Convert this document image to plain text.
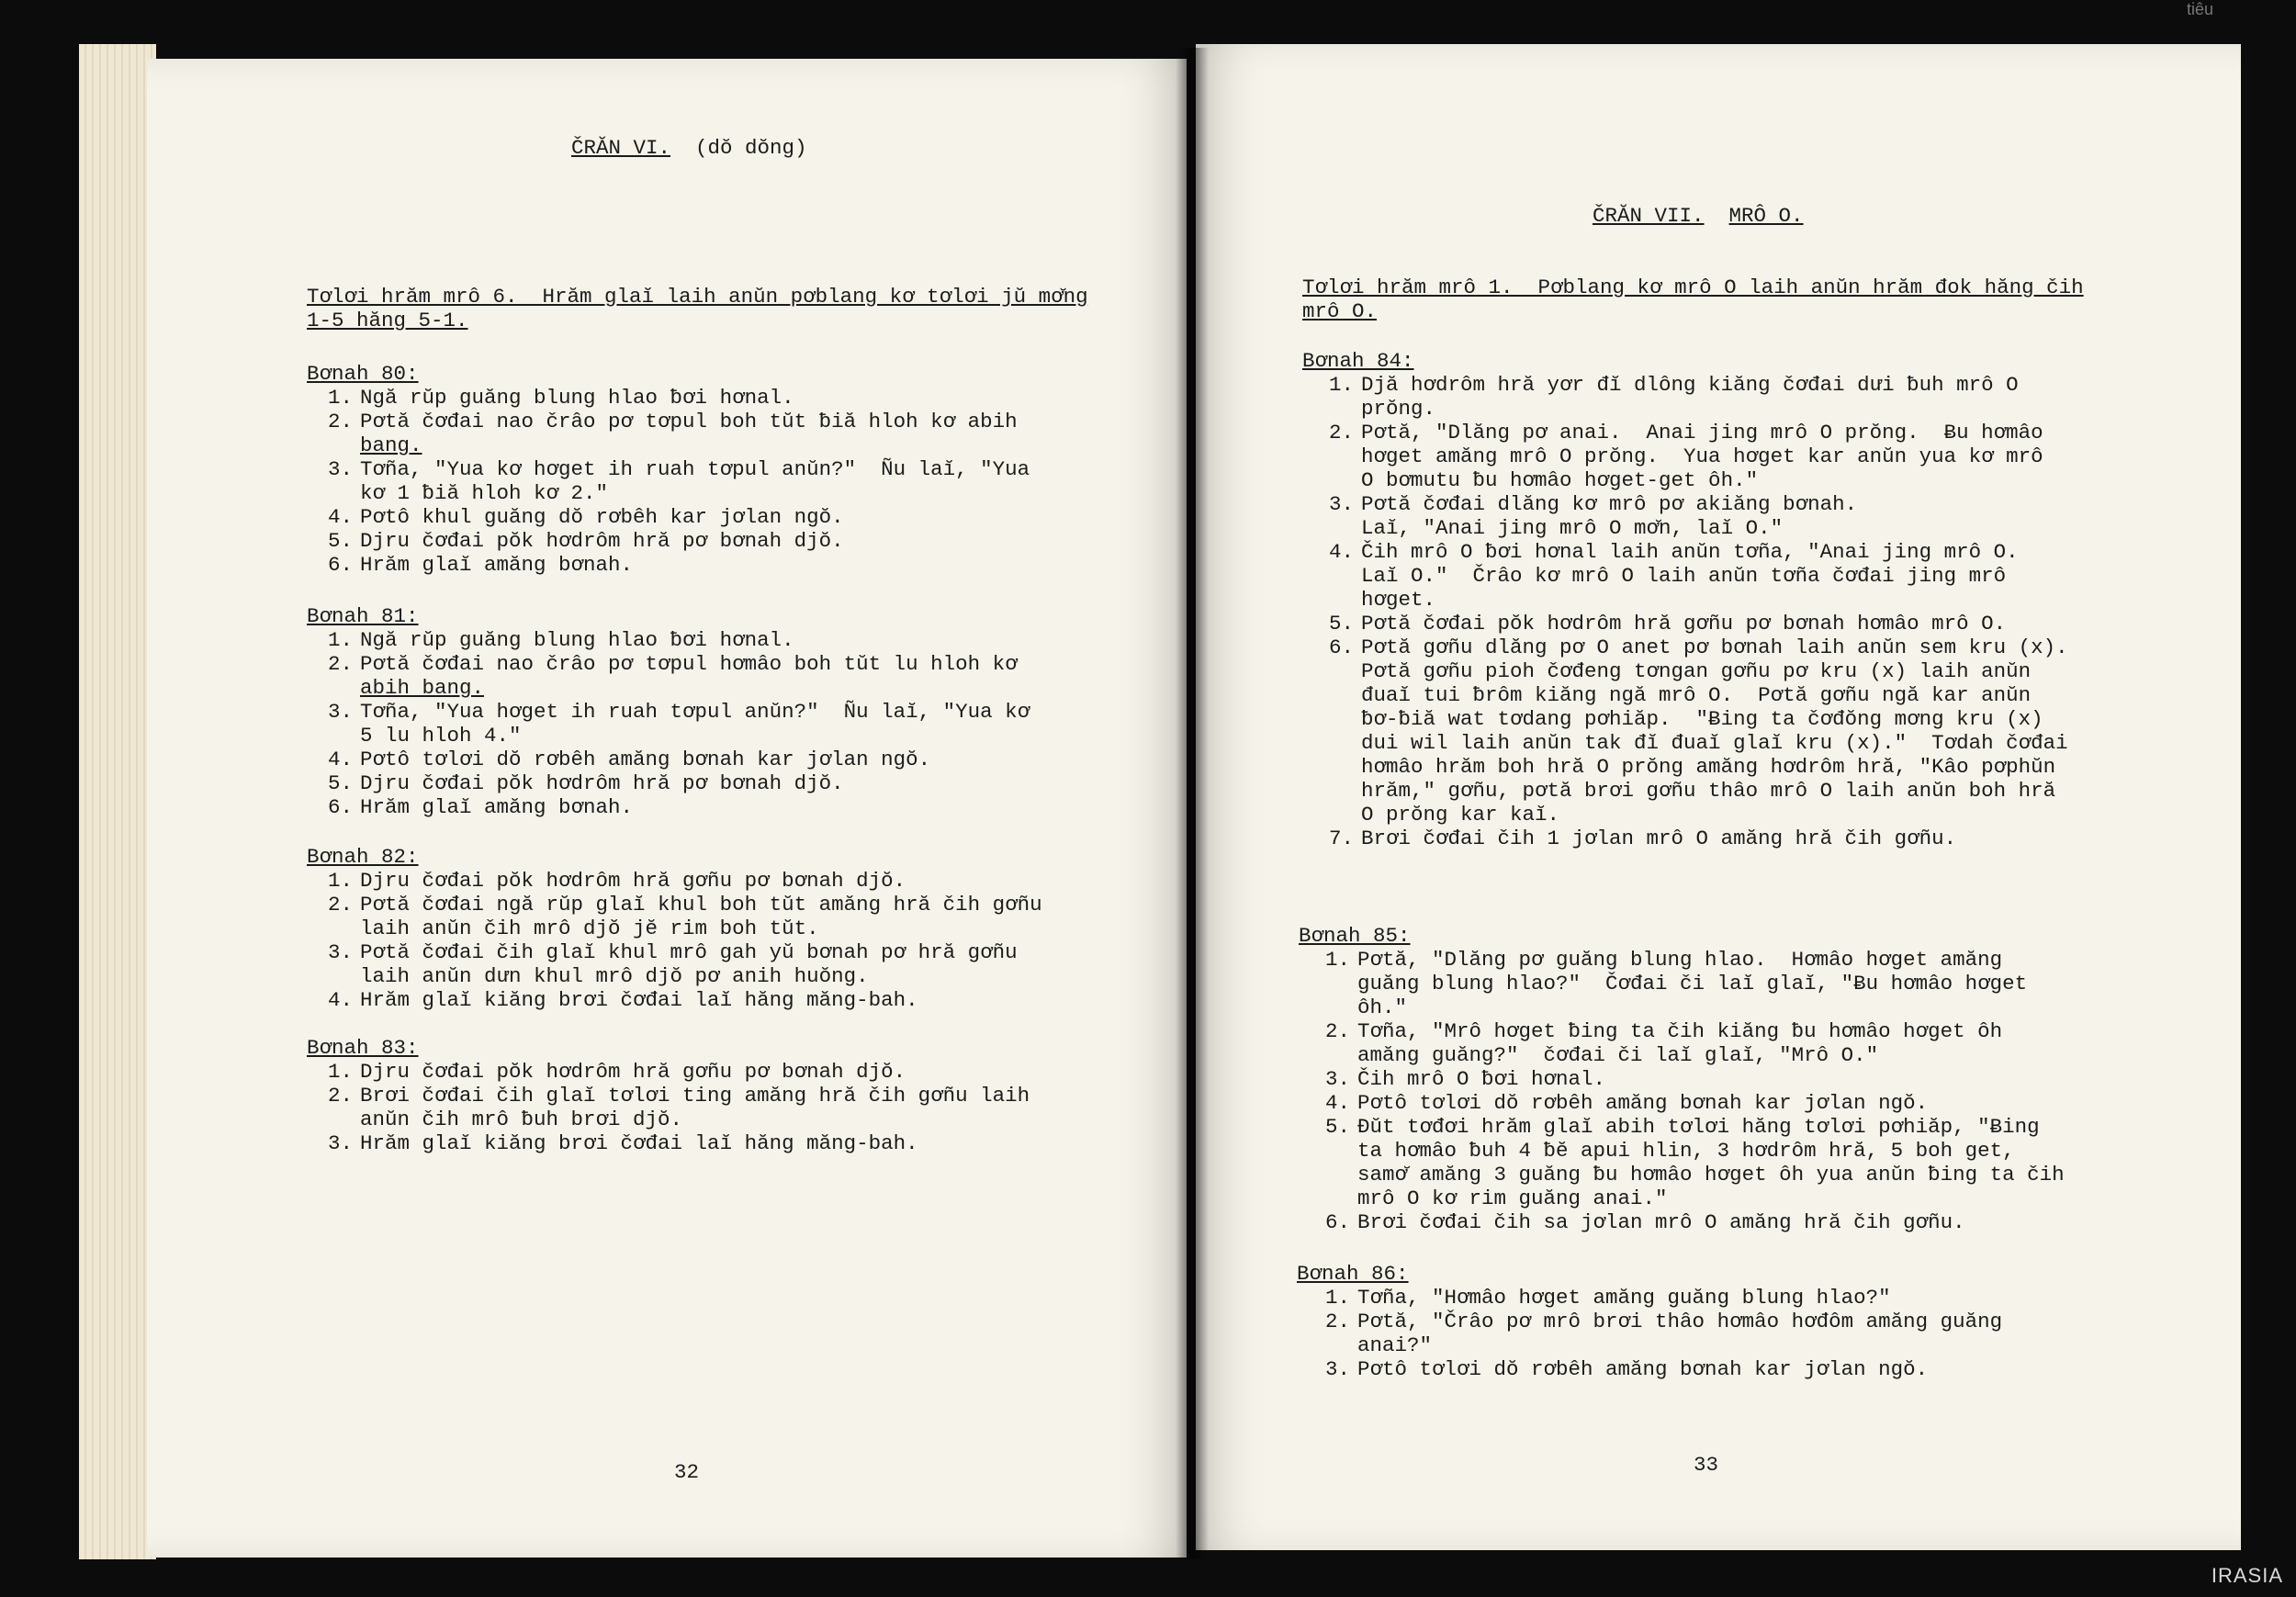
ČRĂN VI. (dŏ dŏng)
Tơlơi hrăm mrô 6.  Hrăm glaĭ laih anŭn pơblang kơ tơlơi jŭ mơ̆ng
1-5 hăng 5-1.
Bơnah 80:
1. Ngă rŭp guăng blung hlao ƀơi hơnal.
2. Pơtă čơđai nao črâo pơ tơpul boh tŭt ƀiă hloh kơ abih
bang.
3. Tơña, "Yua kơ hơget ih ruah tơpul anŭn?"  Ñu laĭ, "Yua
kơ 1 ƀiă hloh kơ 2."
4. Pơtô khul guăng dŏ rơbêh kar jơlan ngŏ.
5. Djru čơđai pŏk hơdrôm hră pơ bơnah djŏ.
6. Hrăm glaĭ amăng bơnah.
Bơnah 81:
1. Ngă rŭp guăng blung hlao ƀơi hơnal.
2. Pơtă čơđai nao črâo pơ tơpul hơmâo boh tŭt lu hloh kơ
abih bang.
3. Tơña, "Yua hơget ih ruah tơpul anŭn?"  Ñu laĭ, "Yua kơ
5 lu hloh 4."
4. Pơtô tơlơi dŏ rơbêh amăng bơnah kar jơlan ngŏ.
5. Djru čơđai pŏk hơdrôm hră pơ bơnah djŏ.
6. Hrăm glaĭ amăng bơnah.
Bơnah 82:
1. Djru čơđai pŏk hơdrôm hră gơñu pơ bơnah djŏ.
2. Pơtă čơđai ngă rŭp glaĭ khul boh tŭt amăng hră čih gơñu
laih anŭn čih mrô djŏ jĕ rim boh tŭt.
3. Pơtă čơđai čih glaĭ khul mrô gah yŭ bơnah pơ hră gơñu
laih anŭn dưn khul mrô djŏ pơ anih huŏng.
4. Hrăm glaĭ kiăng brơi čơđai laĭ hăng măng-bah.
Bơnah 83:
1. Djru čơđai pŏk hơdrôm hră gơñu pơ bơnah djŏ.
2. Brơi čơđai čih glaĭ tơlơi ting amăng hră čih gơñu laih
anŭn čih mrô ƀuh brơi djŏ.
3. Hrăm glaĭ kiăng brơi čơđai laĭ hăng măng-bah.
32
ČRĂN VII. MRÔ O.
Tơlơi hrăm mrô 1.  Pơblang kơ mrô O laih anŭn hrăm đok hăng čih
mrô O.
Bơnah 84:
1. Djă hơdrôm hră yơr đĭ dlông kiăng čơđai dưi ƀuh mrô O
prŏng.
2. Pơtă, "Dlăng pơ anai.  Anai jing mrô O prŏng.  Ƀu hơmâo
hơget amăng mrô O prŏng.  Yua hơget kar anŭn yua kơ mrô
O bơmutu ƀu hơmâo hơget-get ôh."
3. Pơtă čơđai dlăng kơ mrô pơ akiăng bơnah.
Laĭ, "Anai jing mrô O mơ̆n, laĭ O."
4. Čih mrô O ƀơi hơnal laih anŭn tơña, "Anai jing mrô O.
Laĭ O."  Črâo kơ mrô O laih anŭn tơña čơđai jing mrô
hơget.
5. Pơtă čơđai pŏk hơdrôm hră gơñu pơ bơnah hơmâo mrô O.
6. Pơtă gơñu dlăng pơ O anet pơ bơnah laih anŭn sem kru (x).
Pơtă gơñu pioh čơđeng tơngan gơñu pơ kru (x) laih anŭn
đuaĭ tui ƀrôm kiăng ngă mrô O.  Pơtă gơñu ngă kar anŭn
ƀơ-ƀiă wat tơdang pơhiăp.  "Ƀing ta čơđŏng mơng kru (x)
dui wil laih anŭn tak đĭ đuaĭ glaĭ kru (x)."  Tơdah čơđai
hơmâo hrăm boh hră O prŏng amăng hơdrôm hră, "Kâo pơphŭn
hrăm," gơñu, pơtă brơi gơñu thâo mrô O laih anŭn boh hră
O prŏng kar kaĭ.
7. Brơi čơđai čih 1 jơlan mrô O amăng hră čih gơñu.
Bơnah 85:
1. Pơtă, "Dlăng pơ guăng blung hlao.  Hơmâo hơget amăng
guăng blung hlao?"  Čơđai či laĭ glaĭ, "Ƀu hơmâo hơget
ôh."
2. Tơña, "Mrô hơget ƀing ta čih kiăng ƀu hơmâo hơget ôh
amăng guăng?"  čơđai či laĭ glaĭ, "Mrô O."
3. Čih mrô O ƀơi hơnal.
4. Pơtô tơlơi dŏ rơbêh amăng bơnah kar jơlan ngŏ.
5. Đŭt tơđơi hrăm glaĭ abih tơlơi hăng tơlơi pơhiăp, "Ƀing
ta hơmâo ƀuh 4 ƀĕ apui hlin, 3 hơdrôm hră, 5 boh get,
samơ̆ amăng 3 guăng ƀu hơmâo hơget ôh yua anŭn ƀing ta čih
mrô O kơ rim guăng anai."
6. Brơi čơđai čih sa jơlan mrô O amăng hră čih gơñu.
Bơnah 86:
1. Tơña, "Hơmâo hơget amăng guăng blung hlao?"
2. Pơtă, "Črâo pơ mrô brơi thâo hơmâo hơđôm amăng guăng
anai?"
3. Pơtô tơlơi dŏ rơbêh amăng bơnah kar jơlan ngŏ.
33
tiêu
IRASIA
